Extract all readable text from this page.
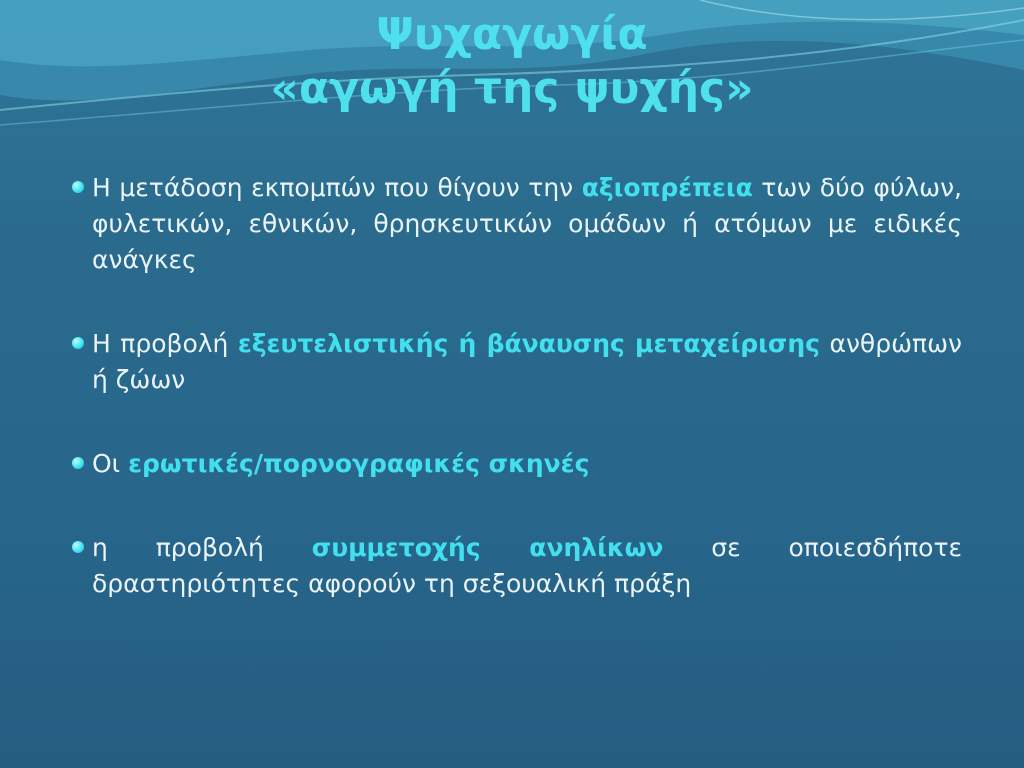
Ψυχαγωγία
«αγωγή της ψυχής»
Η μετάδοση εκπομπών που θίγουν την αξιοπρέπεια των δύο φύλων, φυλετικών, εθνικών, θρησκευτικών ομάδων ή ατόμων με ειδικές ανάγκες
Η προβολή εξευτελιστικής ή βάναυσης μεταχείρισης ανθρώπων ή ζώων
Οι ερωτικές/πορνογραφικές σκηνές
η προβολή συμμετοχής ανηλίκων σε οποιεσδήποτε δραστηριότητες αφορούν τη σεξουαλική πράξη
